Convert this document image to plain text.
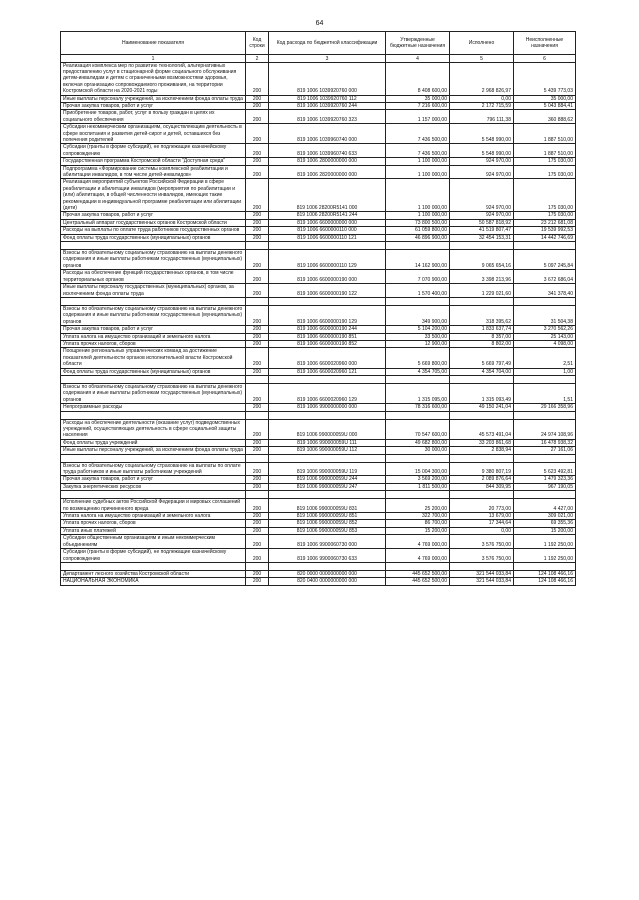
64
Наименование показателя	Код строки	Код расхода по бюджетной классификации	Утвержденные бюджетные назначения	Исполнено	Неисполненные назначения
1	2	3	4	5	6
Реализация комплекса мер по развитию технологий, альтернативных предоставлению услуг в стационарной форме социального обслуживания детям-инвалидам и детям с ограниченными возможностями здоровья, включая организацию сопровождаемого проживания, на территории Костромской области на 2020-2021 годы	200	819 1006 1039920760 000	8 408 600,00	2 968 826,97	5 439 773,03
Иные выплаты персоналу учреждений, за исключением фонда оплаты труда	200	819 1006 1039920760 112	35 000,00	0,00	35 000,00
Прочая закупка товаров, работ и услуг	200	819 1006 1039920760 244	7 216 600,00	2 172 715,59	5 043 884,41
Приобретение товаров, работ, услуг в пользу граждан в целях их социального обеспечения	200	819 1006 1039920760 323	1 157 000,00	796 111,38	360 888,62
Субсидии некоммерческим организациям, осуществляющим деятельность в сфере воспитания и развития детей-сирот и детей, оставшихся без попечения родителей	200	819 1006 1039960740 000	7 436 500,00	5 548 990,00	1 887 510,00
Субсидии (гранты в форме субсидий), не подлежащие казначейскому сопровождению	200	819 1006 1039960740 633	7 436 500,00	5 548 990,00	1 887 510,00
Государственная программа Костромской области "Доступная среда"	200	819 1006 2800000000 000	1 100 000,00	924 970,00	175 030,00
Подпрограмма «Формирование системы комплексной реабилитации и абилитации инвалидов, в том числе детей-инвалидов»	200	819 1006 2820000000 000	1 100 000,00	924 970,00	175 030,00
Реализация мероприятий субъектов Российской Федерации в сфере реабилитации и абилитации инвалидов (мероприятия по реабилитации и (или) абилитации, в общей численности инвалидов, имеющих такие рекомендации в индивидуальной программе реабилитации или абилитации (дети)	200	819 1006 28200R5141 000	1 100 000,00	924 970,00	175 030,00
Прочая закупка товаров, работ и услуг	200	819 1006 28200R5141 244	1 100 000,00	924 970,00	175 030,00
Центральный аппарат государственных органов Костромской области	200	819 1006 6600000000 000	73 800 500,00	50 587 818,92	23 212 681,08
Расходы на выплаты по оплате труда работников государственных органов	200	819 1006 6600000110 000	61 059 800,00	41 519 807,47	19 539 992,53
Фонд оплаты труда государственных (муниципальных) органов	200	819 1006 6600000110 121	46 896 900,00	32 454 153,31	14 442 746,69

Взносы по обязательному социальному страхованию на выплаты денежного содержания и иные выплаты работникам государственных (муниципальных) органов	200	819 1006 6600000110 129	14 162 900,00	9 065 654,16	5 097 245,84
Расходы на обеспечение функций государственных органов, в том числе территориальных органов	200	819 1006 6600000190 000	7 070 900,00	3 398 213,96	3 672 686,04
Иные выплаты персоналу государственных (муниципальных) органов, за исключением фонда оплаты труда	200	819 1006 6600000190 122	1 570 400,00	1 229 021,60	341 378,40

Взносы по обязательному социальному страхованию на выплаты денежного содержания и иные выплаты работникам государственных (муниципальных) органов	200	819 1006 6600000190 129	349 900,00	318 395,62	31 504,38
Прочая закупка товаров, работ и услуг	200	819 1006 6600000190 244	5 104 200,00	1 833 637,74	3 270 562,26
Уплата налога на имущество организаций и земельного налога	200	819 1006 6600000190 851	33 500,00	8 357,00	25 143,00
Уплата прочих налогов, сборов	200	819 1006 6600000190 852	12 900,00	8 802,00	4 098,00
Поощрение региональных управленческих команд за достижение показателей деятельности органов исполнительной власти Костромской области	200	819 1006 6600020960 000	5 669 800,00	5 669 797,49	2,51
Фонд оплаты труда государственных (муниципальных) органов	200	819 1006 6600020960 121	4 354 705,00	4 354 704,00	1,00

Взносы по обязательному социальному страхованию на выплаты денежного содержания и иные выплаты работникам государственных (муниципальных) органов	200	819 1006 6600020960 129	1 315 095,00	1 315 093,49	1,51
Непрограммные расходы	200	819 1006 9900000000 000	78 316 600,00	49 150 241,04	29 166 358,96

Расходы на обеспечение деятельности (оказание услуг) подведомственных учреждений, осуществляющих деятельность в сфере социальной защиты населения	200	819 1006 990000059U 000	70 547 600,00	45 573 491,04	24 974 108,96
Фонд оплаты труда учреждений	200	819 1006 990000059U 111	49 682 800,00	33 203 861,68	16 478 938,32
Иные выплаты персоналу учреждений, за исключением фонда оплаты труда	200	819 1006 990000059U 112	30 000,00	2 838,94	27 161,06

Взносы по обязательному социальному страхованию на выплаты по оплате труда работников и иные выплаты работникам учреждений	200	819 1006 990000059U 119	15 004 300,00	9 380 807,19	5 623 492,81
Прочая закупка товаров, работ и услуг	200	819 1006 990000059U 244	3 569 200,00	2 089 876,64	1 479 323,36
Закупка энергетических ресурсов	200	819 1006 990000059U 247	1 811 500,00	844 309,95	967 190,05

Исполнение судебных актов Российской Федерации и мировых соглашений по возмещению причиненного вреда	200	819 1006 990000059U 831	25 200,00	20 773,00	4 427,00
Уплата налога на имущество организаций и земельного налога	200	819 1006 990000059U 851	322 700,00	13 679,00	309 021,00
Уплата прочих налогов, сборов	200	819 1006 990000059U 852	86 700,00	17 344,64	69 355,36
Уплата иных платежей	200	819 1006 990000059U 853	15 200,00	0,00	15 200,00
Субсидии общественным организациям и иным некоммерческим объединениям	200	819 1006 9900060730 000	4 769 000,00	3 576 750,00	1 192 250,00
Субсидии (гранты в форме субсидий), не подлежащие казначейскому сопровождению	200	819 1006 9900060730 633	4 769 000,00	3 576 750,00	1 192 250,00

Департамент лесного хозяйства Костромской области	200	820 0000 0000000000 000	445 652 500,00	321 544 033,84	124 108 466,16
НАЦИОНАЛЬНАЯ ЭКОНОМИКА	200	820 0400 0000000000 000	445 652 500,00	321 544 033,84	124 108 466,16
